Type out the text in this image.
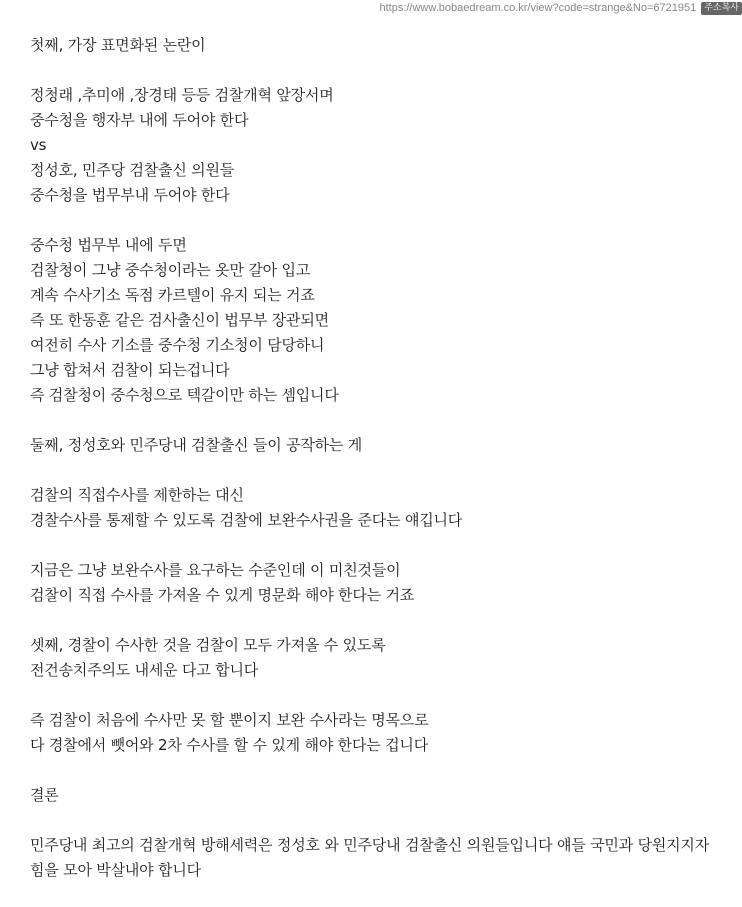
https://www.bobaedream.co.kr/view?code=strange&No=6721951 주소복사
첫째, 가장 표면화된 논란이
정청래 ,추미애 ,장경태 등등 검찰개혁 앞장서며
중수청을 행자부 내에 두어야 한다
vs
정성호, 민주당 검찰출신 의원들
중수청을 법무부내 두어야 한다
중수청 법무부 내에 두면
검찰청이 그냥 중수청이라는 옷만 갈아 입고
계속 수사기소 독점 카르텔이 유지 되는 거죠
즉 또 한동훈 같은 검사출신이 법무부 장관되면
여전히 수사 기소를 중수청 기소청이 담당하니
그냥 합쳐서 검찰이 되는겁니다
즉 검찰청이 중수청으로 텍갈이만 하는 셈입니다
둘째, 정성호와 민주당내 검찰출신 들이 공작하는 게
검찰의 직접수사를 제한하는 대신
경찰수사를 통제할 수 있도록 검찰에 보완수사권을 준다는 얘깁니다
지금은 그냥 보완수사를 요구하는 수준인데 이 미친것들이
검찰이 직접 수사를 가져올 수 있게 명문화 해야 한다는 거죠
셋째, 경찰이 수사한 것을 검찰이 모두 가져올 수 있도록
전건송치주의도 내세운 다고 합니다
즉 검찰이 처음에 수사만 못 할 뿐이지 보완 수사라는 명목으로
다 경찰에서 뺏어와 2차 수사를 할 수 있게 해야 한다는 겁니다
결론
민주당내 최고의 검찰개혁 방해세력은 정성호 와 민주당내 검찰출신 의원들입니다 얘들 국민과 당원지지자 힘을 모아 박살내야 합니다
